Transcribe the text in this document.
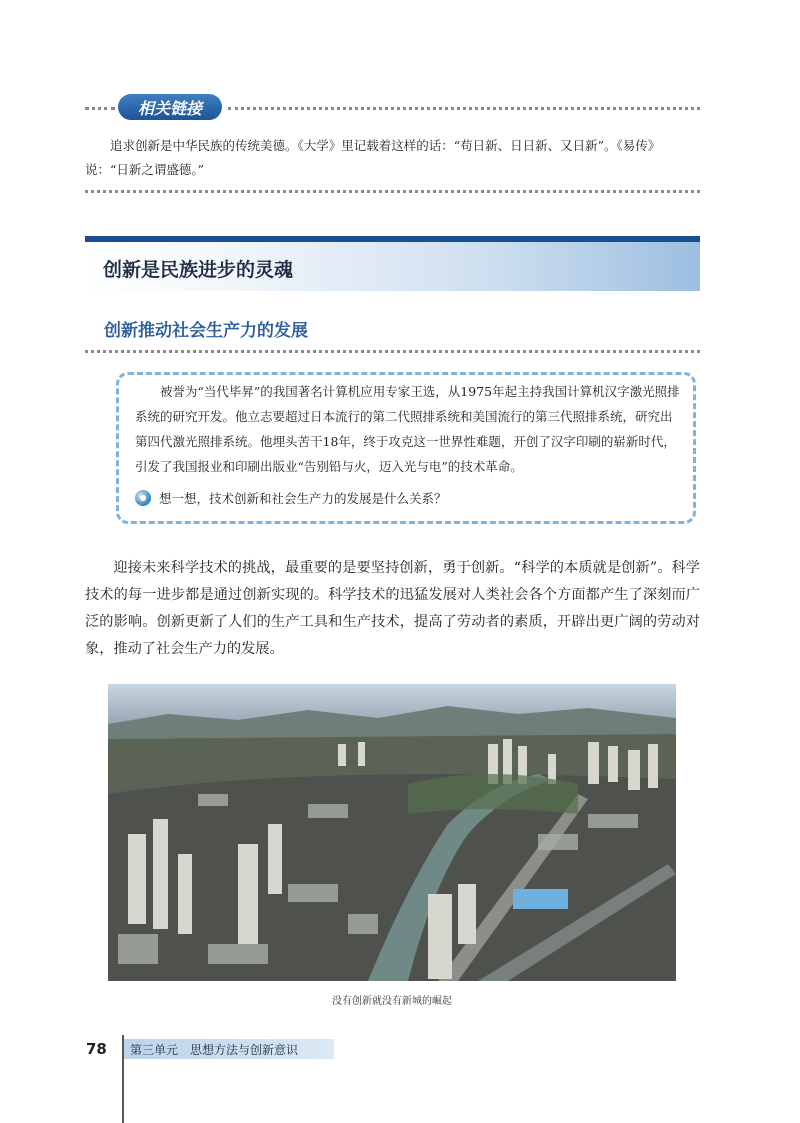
相关链接
追求创新是中华民族的传统美德。《大学》里记载着这样的话：“苟日新、日日新、又日新”。《易传》说：“日新之谓盛德。”
创新是民族进步的灵魂
创新推动社会生产力的发展
被誉为“当代毕昇”的我国著名计算机应用专家王选，从1975年起主持我国计算机汉字激光照排系统的研究开发。他立志要超过日本流行的第二代照排系统和美国流行的第三代照排系统，研究出第四代激光照排系统。他埋头苦干18年，终于攻克这一世界性难题，开创了汉字印刷的崭新时代，引发了我国报业和印刷出版业“告别铅与火，迈入光与电”的技术革命。
想一想，技术创新和社会生产力的发展是什么关系？
迎接未来科学技术的挑战，最重要的是要坚持创新，勇于创新。“科学的本质就是创新”。科学技术的每一进步都是通过创新实现的。科学技术的迅猛发展对人类社会各个方面都产生了深刻而广泛的影响。创新更新了人们的生产工具和生产技术，提高了劳动者的素质，开辟出更广阔的劳动对象，推动了社会生产力的发展。
没有创新就没有新城的崛起
78 第三单元　思想方法与创新意识
